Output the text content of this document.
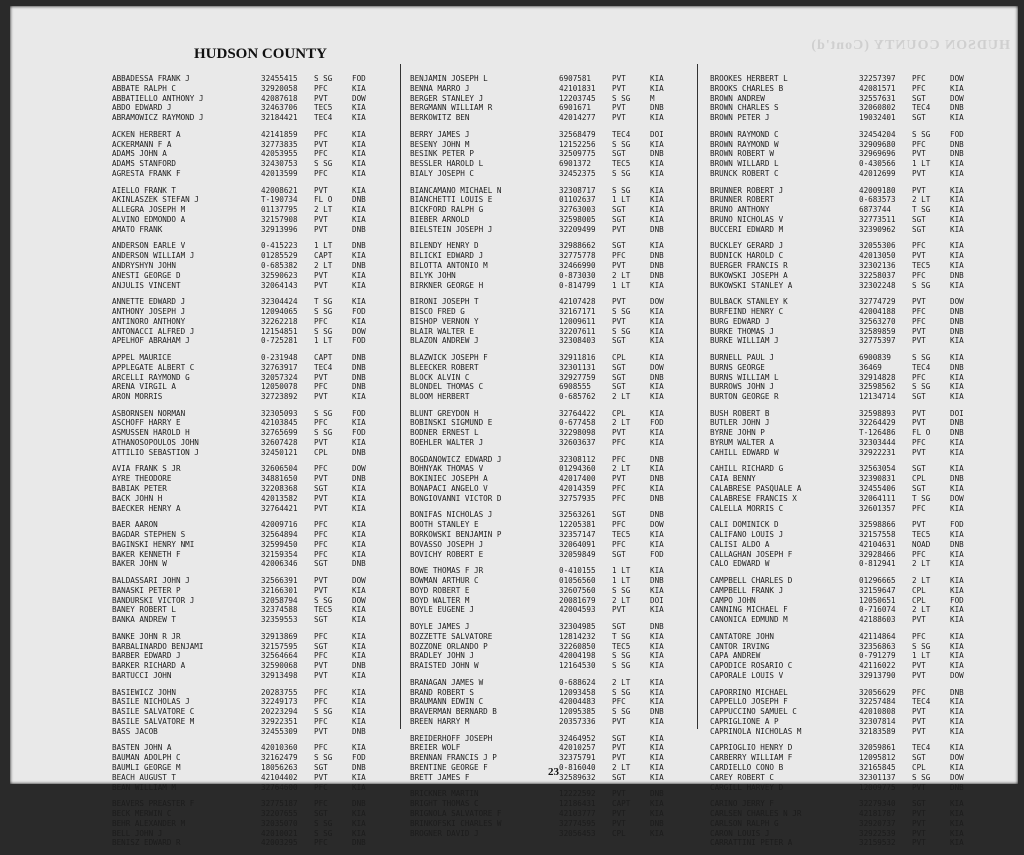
HUDSON COUNTY (Cont'd)
HUDSON COUNTY
ABBADESSA FRANK J	32455415	S SG	FOD
ABBATE RALPH C	32920058	PFC	KIA
ABBATIELLO ANTHONY J	42087618	PVT	DOW
ABDO EDWARD J	32463706	TEC5	KIA
ABRAMOWICZ RAYMOND J	32184421	TEC4	KIA
ACKEN HERBERT A	42141859	PFC	KIA
ACKERMANN F A	32773835	PVT	KIA
ADAMS JOHN A	42053955	PFC	KIA
ADAMS STANFORD	32430753	S SG	KIA
AGRESTA FRANK F	42013599	PFC	KIA
AIELLO FRANK T	42008621	PVT	KIA
AKINLASZEK STEFAN J	T-190734	FL O	DNB
ALLEGRA JOSEPH M	01137795	2 LT	KIA
ALVINO EDMONDO A	32157908	PVT	KIA
AMATO FRANK	32913996	PVT	DNB
ANDERSON EARLE V	0-415223	1 LT	DNB
ANDERSON WILLIAM J	01285529	CAPT	KIA
ANDRYSHYN JOHN	0-685382	2 LT	DNB
ANESTI GEORGE D	32590623	PVT	KIA
ANJULIS VINCENT	32064143	PVT	KIA
ANNETTE EDWARD J	32304424	T SG	KIA
ANTHONY JOSEPH J	12094065	S SG	FOD
ANTINORO ANTHONY	32262218	PFC	KIA
ANTONACCI ALFRED J	12154851	S SG	DOW
APELHOF ABRAHAM J	0-725281	1 LT	FOD
APPEL MAURICE	0-231948	CAPT	DNB
APPLEGATE ALBERT C	32763917	TEC4	DNB
ARCELLI RAYMOND G	32057324	PVT	DNB
ARENA VIRGIL A	12050078	PFC	DNB
ARON MORRIS	32723892	PVT	KIA
ASBORNSEN NORMAN	32305093	S SG	FOD
ASCHOFF HARRY E	42103845	PFC	KIA
ASMUSSEN HAROLD H	32765699	S SG	FOD
ATHANOSOPOULOS JOHN	32607428	PVT	KIA
ATTILIO SEBASTION J	32450121	CPL	DNB
AVIA FRANK S JR	32606504	PFC	DOW
AYRE THEODORE	34881650	PVT	DNB
BABIAK PETER	32208368	SGT	KIA
BACK JOHN H	42013582	PVT	KIA
BAECKER HENRY A	32764421	PVT	KIA
BAER AARON	42009716	PFC	KIA
BAGDAR STEPHEN S	32564894	PFC	KIA
BAGINSKI HENRY NMI	32599450	PFC	KIA
BAKER KENNETH F	32159354	PFC	KIA
BAKER JOHN W	42006346	SGT	DNB
BALDASSARI JOHN J	32566391	PVT	DOW
BANASKI PETER P	32166301	PVT	KIA
BANDURSKI VICTOR J	32058794	S SG	DOW
BANEY ROBERT L	32374588	TEC5	KIA
BANKA ANDREW T	32359553	SGT	KIA
BANKE JOHN R JR	32913869	PFC	KIA
BARBALINARDO BENJAMI	32157595	SGT	KIA
BARBER EDWARD J	32564664	PFC	KIA
BARKER RICHARD A	32590068	PVT	DNB
BARTUCCI JOHN	32913498	PVT	KIA
BASIEWICZ JOHN	20283755	PFC	KIA
BASILE NICHOLAS J	32249173	PFC	KIA
BASILE SALVATORE C	20223294	S SG	KIA
BASILE SALVATORE M	32922351	PFC	KIA
BASS JACOB	32455309	PVT	DNB
BASTEN JOHN A	42010360	PFC	KIA
BAUMAN ADOLPH C	32162479	S SG	FOD
BAUMLI GEORGE M	18056263	SGT	DNB
BEACH AUGUST T	42104402	PVT	KIA
BEAN WILLIAM M	32764600	PFC	KIA
BEAVERS PREASTER F	32775187	PFC	DNB
BECK MERWIN C	32207655	SGT	KIA
BEHR ALEXANDER M	32035070	S SG	KIA
BELL JOHN J	42010021	S SG	KIA
BENISZ EDWARD R	42003295	PFC	DNB
BENJAMIN JOSEPH L	6907581	PVT	KIA
BENNA MARRO J	42101831	PVT	KIA
BERGER STANLEY J	12203745	S SG	M
BERGMANN WILLIAM R	6901671	PVT	DNB
BERKOWITZ BEN	42014277	PVT	KIA
BERRY JAMES J	32568479	TEC4	DOI
BESENY JOHN M	12152256	S SG	KIA
BESINK PETER P	32509775	SGT	DNB
BESSLER HAROLD L	6901372	TEC5	KIA
BIALY JOSEPH C	32452375	S SG	KIA
BIANCAMANO MICHAEL N	32308717	S SG	KIA
BIANCHETTI LOUIS E	01102637	1 LT	KIA
BICKFORD RALPH G	32763003	SGT	KIA
BIEBER ARNOLD	32598005	SGT	KIA
BIELSTEIN JOSEPH J	32209499	PVT	DNB
BILENDY HENRY D	32988662	SGT	KIA
BILICKI EDWARD J	32775778	PFC	DNB
BILOTTA ANTONIO M	32466990	PVT	DNB
BILYK JOHN	0-873030	2 LT	DNB
BIRKNER GEORGE H	0-814799	1 LT	KIA
BIRONI JOSEPH T	42107428	PVT	DOW
BISCO FRED G	32167171	S SG	KIA
BISHOP VERNON Y	12009611	PVT	KIA
BLAIR WALTER E	32207611	S SG	KIA
BLAZON ANDREW J	32308403	SGT	KIA
BLAZWICK JOSEPH F	32911816	CPL	KIA
BLEECKER ROBERT	32301131	SGT	DOW
BLOCK ALVIN C	32927759	SGT	DNB
BLONDEL THOMAS C	6908555	SGT	KIA
BLOOM HERBERT	0-685762	2 LT	KIA
BLUNT GREYDON H	32764422	CPL	KIA
BOBINSKI SIGMUND E	0-677458	2 LT	FOD
BODNER ERNEST L	32298098	PVT	KIA
BOEHLER WALTER J	32603637	PFC	KIA
BOGDANOWICZ EDWARD J	32308112	PFC	DNB
BOHNYAK THOMAS V	01294360	2 LT	KIA
BOKINIEC JOSEPH A	42017400	PVT	DNB
BONAPACI ANGELO V	42014359	PFC	KIA
BONGIOVANNI VICTOR D	32757935	PFC	DNB
BONIFAS NICHOLAS J	32563261	SGT	DNB
BOOTH STANLEY E	12205381	PFC	DOW
BORKOWSKI BENJAMIN P	32357147	TEC5	KIA
BOVASSO JOSEPH J	32064091	PFC	KIA
BOVICHY ROBERT E	32059849	SGT	FOD
BOWE THOMAS F JR	0-410155	1 LT	KIA
BOWMAN ARTHUR C	01056560	1 LT	DNB
BOYD ROBERT E	32607560	S SG	KIA
BOYD WALTER M	20081679	2 LT	DOI
BOYLE EUGENE J	42004593	PVT	KIA
BOYLE JAMES J	32304985	SGT	DNB
BOZZETTE SALVATORE	12814232	T SG	KIA
BOZZONE ORLANDO P	32260850	TEC5	KIA
BRADLEY JOHN J	42004198	S SG	KIA
BRAISTED JOHN W	12164530	S SG	KIA
BRANAGAN JAMES W	0-688624	2 LT	KIA
BRAND ROBERT S	12093458	S SG	KIA
BRAUMANN EDWIN C	42004483	PFC	KIA
BRAVERMAN BERNARD B	12095385	S SG	DNB
BREEN HARRY M	20357336	PVT	KIA
BREIDERHOFF JOSEPH	32464952	SGT	KIA
BREIER WOLF	42010257	PVT	KIA
BRENNAN FRANCIS J P	32375791	PVT	KIA
BRENTINE GEORGE F	0-816040	2 LT	KIA
BRETT JAMES F	32589632	SGT	KIA
BRICKNER MARTIN	12222592	PVT	DNB
BRIGHT THOMAS C	12186431	CAPT	KIA
BRIGNOLA SALVATORE F	42103777	PVT	KIA
BRINKOFSKI CHARLES W	32774595	PVT	DNB
BROGNER DAVID J	32056453	CPL	KIA
BROOKES HERBERT L	32257397	PFC	DOW
BROOKS CHARLES B	42081571	PFC	KIA
BROWN ANDREW	32557631	SGT	DOW
BROWN CHARLES S	32060802	TEC4	DNB
BROWN PETER J	19032401	SGT	KIA
BROWN RAYMOND C	32454204	S SG	FOD
BROWN RAYMOND W	32909680	PFC	DNB
BROWN ROBERT W	32969696	PVT	DNB
BROWN WILLARD L	0-430566	1 LT	KIA
BRUNCK ROBERT C	42012699	PVT	KIA
BRUNNER ROBERT J	42009180	PVT	KIA
BRUNNER ROBERT	0-683573	2 LT	KIA
BRUNO ANTHONY	6873744	T SG	KIA
BRUNO NICHOLAS V	32773511	SGT	KIA
BUCCERI EDWARD M	32390962	SGT	KIA
BUCKLEY GERARD J	32055306	PFC	KIA
BUDNICK HAROLD C	42013050	PVT	KIA
BUERGER FRANCIS R	32302136	TEC5	KIA
BUKOWSKI JOSEPH A	32258037	PFC	DNB
BUKOWSKI STANLEY A	32302248	S SG	KIA
BULBACK STANLEY K	32774729	PVT	DOW
BURFEIND HENRY C	42004188	PFC	DNB
BURG EDWARD J	32563270	PFC	DNB
BURKE THOMAS J	32589859	PVT	DNB
BURKE WILLIAM J	32775397	PVT	KIA
BURNELL PAUL J	6900839	S SG	KIA
BURNS GEORGE	36469	TEC4	DNB
BURNS WILLIAM L	32914828	PFC	KIA
BURROWS JOHN J	32598562	S SG	KIA
BURTON GEORGE R	12134714	SGT	KIA
BUSH ROBERT B	32598893	PVT	DOI
BUTLER JOHN J	32264429	PVT	DNB
BYRNE JOHN P	T-126486	FL O	DNB
BYRUM WALTER A	32303444	PFC	KIA
CAHILL EDWARD W	32922231	PVT	KIA
CAHILL RICHARD G	32563054	SGT	KIA
CAIA BENNY	32390831	CPL	DNB
CALABRESE PASQUALE A	32455406	SGT	KIA
CALABRESE FRANCIS X	32064111	T SG	DOW
CALELLA MORRIS C	32601357	PFC	KIA
CALI DOMINICK D	32598866	PVT	FOD
CALIFANO LOUIS J	32157558	TEC5	KIA
CALISI ALDO A	42104631	NOAD	DNB
CALLAGHAN JOSEPH F	32928466	PFC	KIA
CALO EDWARD W	0-812941	2 LT	KIA
CAMPBELL CHARLES D	01296665	2 LT	KIA
CAMPBELL FRANK J	32159647	CPL	KIA
CAMPO JOHN	12050651	CPL	FOD
CANNING MICHAEL F	0-716074	2 LT	KIA
CANONICA EDMUND M	42188603	PVT	KIA
CANTATORE JOHN	42114864	PFC	KIA
CANTOR IRVING	32356863	S SG	KIA
CAPA ANDREW	0-791279	1 LT	KIA
CAPODICE ROSARIO C	42116022	PVT	KIA
CAPORALE LOUIS V	32913790	PVT	DOW
CAPORRINO MICHAEL	32056629	PFC	DNB
CAPPELLO JOSEPH F	32257484	TEC4	KIA
CAPPUCCINO SAMUEL C	42010808	PVT	KIA
CAPRIGLIONE A P	32307814	PVT	KIA
CAPRINOLA NICHOLAS M	32183589	PVT	KIA
CAPRIOGLIO HENRY D	32059861	TEC4	KIA
CARBERRY WILLIAM F	12095812	SGT	DOW
CARDIELLO CONO B	32165845	CPL	KIA
CAREY ROBERT C	32301137	S SG	DOW
CARGILL HARVEY D	12009775	PVT	DNB
CARINO JERRY F	32279340	SGT	KIA
CARLSEN CHARLES N JR	42181787	PVT	KIA
CARLSON RALPH G	32920737	PVT	KIA
CARON LOUIS J	32922539	PVT	KIA
CARRATTINI PETER A	32159532	PVT	KIA
23
